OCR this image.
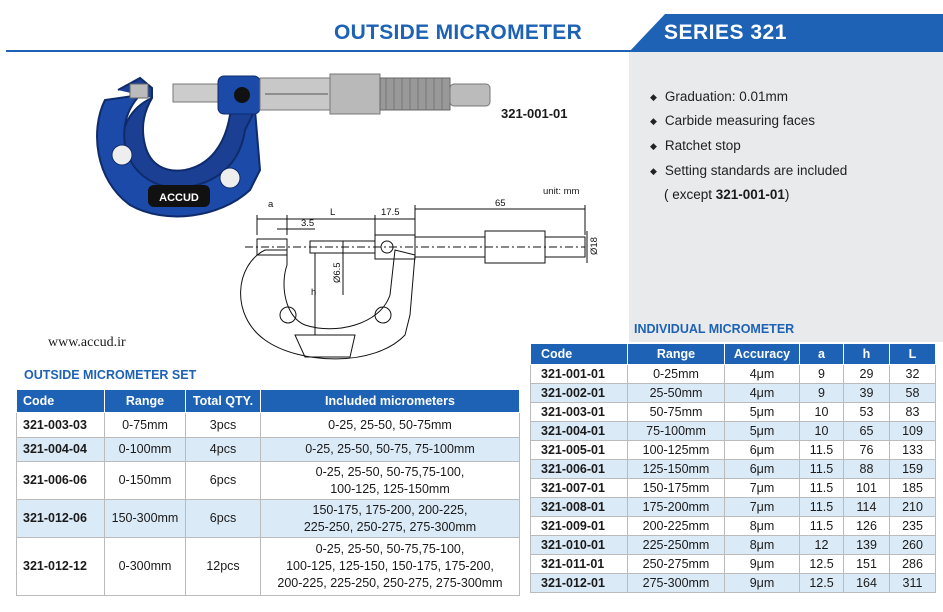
OUTSIDE MICROMETER	SERIES 321
◆ Graduation: 0.01mm
◆ Carbide measuring faces
◆ Ratchet stop
◆ Setting standards are included
( except 321-001-01)
ACCUD
321-001-01
unit: mm
a
L
3.5
17.5
65
Ø18
Ø6.5
h
www.accud.ir
OUTSIDE MICROMETER SET
Code	Range	Total QTY.	Included micrometers
321-003-03	0-75mm	3pcs	0-25, 25-50, 50-75mm

321-004-04	0-100mm	4pcs	0-25, 25-50, 50-75, 75-100mm

321-006-06	0-150mm	6pcs	0-25, 25-50, 50-75,75-100,
100-125, 125-150mm

321-012-06	150-300mm	6pcs	150-175, 175-200, 200-225,
225-250, 250-275, 275-300mm

321-012-12	0-300mm	12pcs	0-25, 25-50, 50-75,75-100,
100-125, 125-150, 150-175, 175-200,
200-225, 225-250, 250-275, 275-300mm
INDIVIDUAL MICROMETER
Code	Range	Accuracy	a	h	L
321-001-01	0-25mm	4μm	9	29	32
321-002-01	25-50mm	4μm	9	39	58
321-003-01	50-75mm	5μm	10	53	83
321-004-01	75-100mm	5μm	10	65	109
321-005-01	100-125mm	6μm	11.5	76	133
321-006-01	125-150mm	6μm	11.5	88	159
321-007-01	150-175mm	7μm	11.5	101	185
321-008-01	175-200mm	7μm	11.5	114	210
321-009-01	200-225mm	8μm	11.5	126	235
321-010-01	225-250mm	8μm	12	139	260
321-011-01	250-275mm	9μm	12.5	151	286
321-012-01	275-300mm	9μm	12.5	164	311
